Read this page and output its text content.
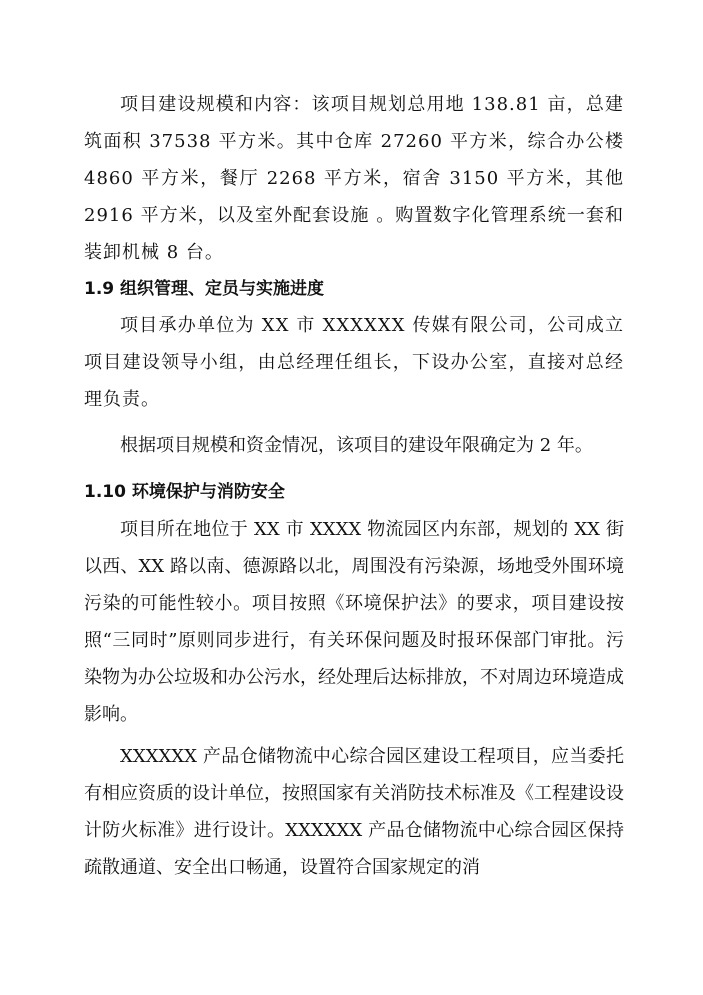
项目建设规模和内容：该项目规划总用地 138.81 亩，总建筑面积 37538 平方米。其中仓库 27260 平方米，综合办公楼 4860 平方米，餐厅 2268 平方米，宿舍 3150 平方米，其他 2916 平方米，以及室外配套设施 。购置数字化管理系统一套和装卸机械 8 台。

1.9 组织管理、定员与实施进度

项目承办单位为 XX 市 XXXXXX 传媒有限公司，公司成立项目建设领导小组，由总经理任组长，下设办公室，直接对总经理负责。

根据项目规模和资金情况，该项目的建设年限确定为 2 年。

1.10 环境保护与消防安全

项目所在地位于 XX 市 XXXX 物流园区内东部，规划的 XX 街以西、XX 路以南、德源路以北，周围没有污染源，场地受外围环境污染的可能性较小。项目按照《环境保护法》的要求，项目建设按照“三同时”原则同步进行，有关环保问题及时报环保部门审批。污染物为办公垃圾和办公污水，经处理后达标排放，不对周边环境造成影响。

XXXXXX 产品仓储物流中心综合园区建设工程项目，应当委托有相应资质的设计单位，按照国家有关消防技术标准及《工程建设设计防火标准》进行设计。XXXXXX 产品仓储物流中心综合园区保持疏散通道、安全出口畅通，设置符合国家规定的消
